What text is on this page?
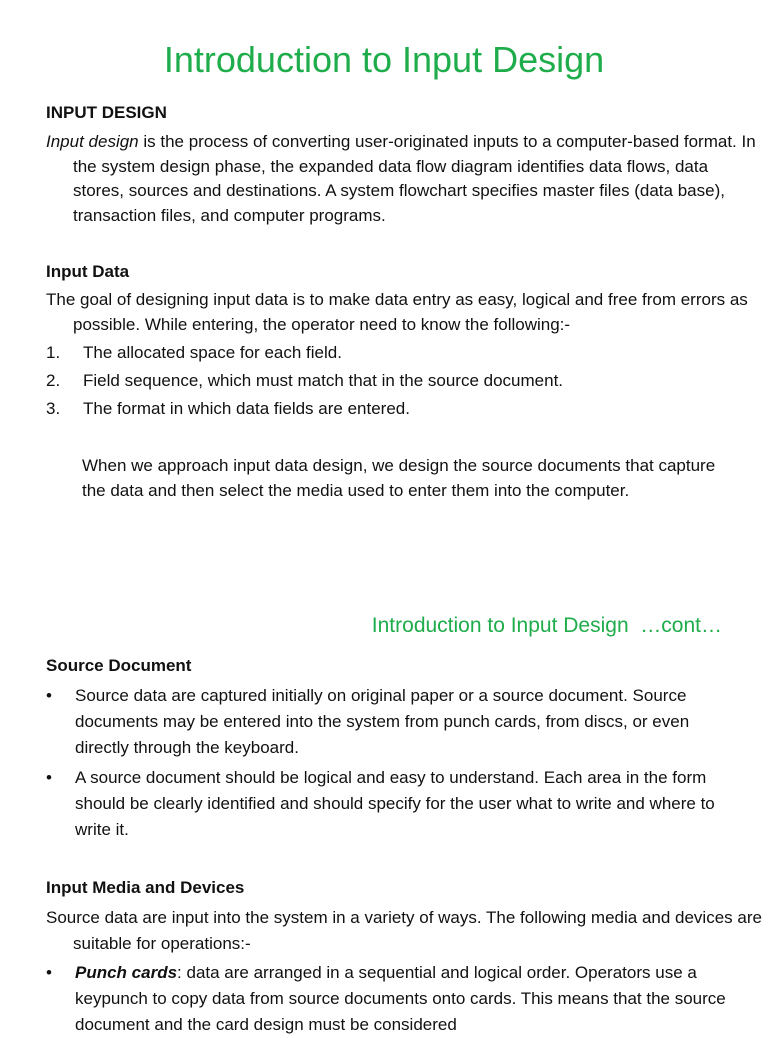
Introduction to Input Design
INPUT DESIGN

Input design is the process of converting user-originated inputs to a computer-based format. In the system design phase, the expanded data flow diagram identifies data flows, data stores, sources and destinations. A system flowchart specifies master files (data base), transaction files, and computer programs.

Input Data

The goal of designing input data is to make data entry as easy, logical and free from errors as possible. While entering, the operator need to know the following:-

1. The allocated space for each field.
2. Field sequence, which must match that in the source document.
3. The format in which data fields are entered.

When we approach input data design, we design the source documents that capture the data and then select the media used to enter them into the computer.

Introduction to Input Design  …cont…
Source Document
• Source data are captured initially on original paper or a source document. Source documents may be entered into the system from punch cards, from discs, or even directly through the keyboard.
• A source document should be logical and easy to understand. Each area in the form should be clearly identified and should specify for the user what to write and where to write it.
Input Media and Devices

Source data are input into the system in a variety of ways. The following media and devices are suitable for operations:-

• Punch cards: data are arranged in a sequential and logical order. Operators use a keypunch to copy data from source documents onto cards. This means that the source document and the card design must be considered
